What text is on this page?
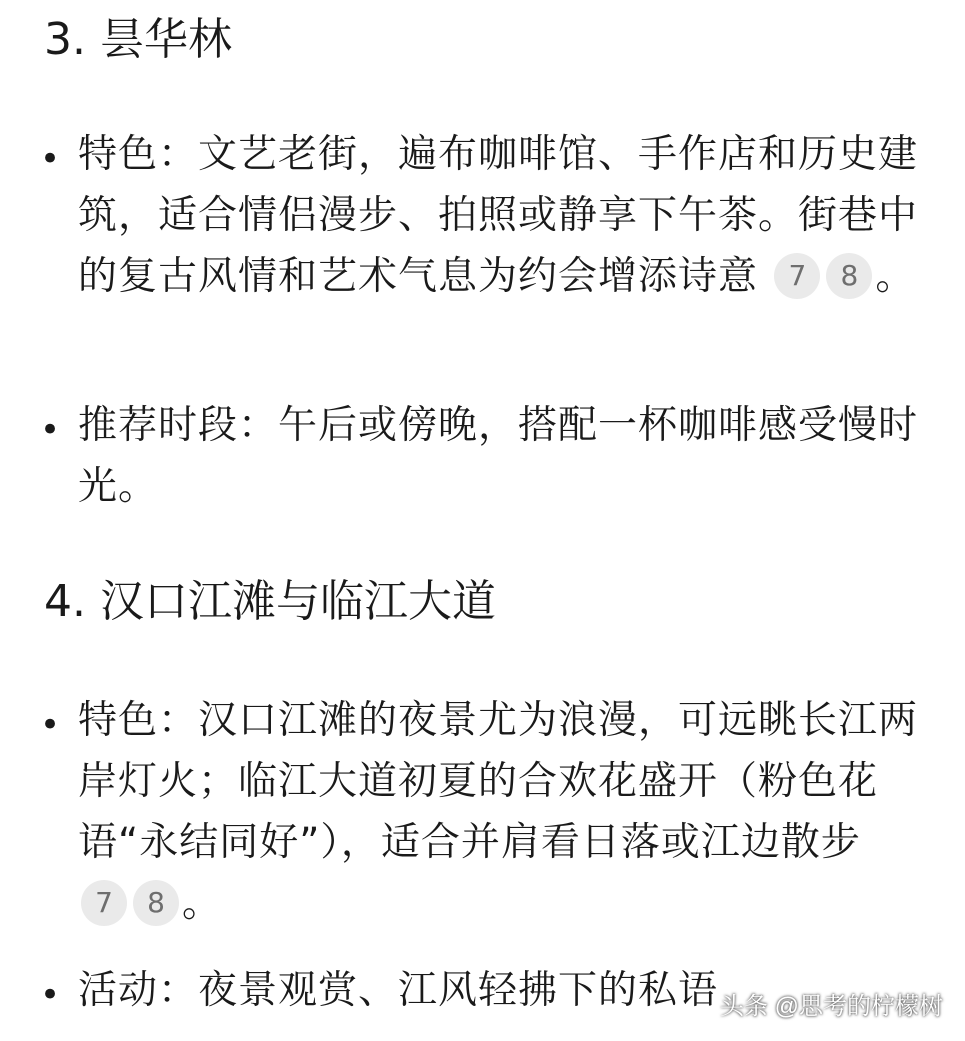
3. 昙华林
• 特色：文艺老街，遍布咖啡馆、手作店和历史建筑，适合情侣漫步、拍照或静享下午茶。街巷中的复古风情和艺术气息为约会增添诗意 7 8 。
• 推荐时段：午后或傍晚，搭配一杯咖啡感受慢时光。
4. 汉口江滩与临江大道
• 特色：汉口江滩的夜景尤为浪漫，可远眺长江两岸灯火；临江大道初夏的合欢花盛开（粉色花语“永结同好”），适合并肩看日落或江边散步 7 8 。
• 活动：夜景观赏、江风轻拂下的私语 头条 @思考的柠檬树
